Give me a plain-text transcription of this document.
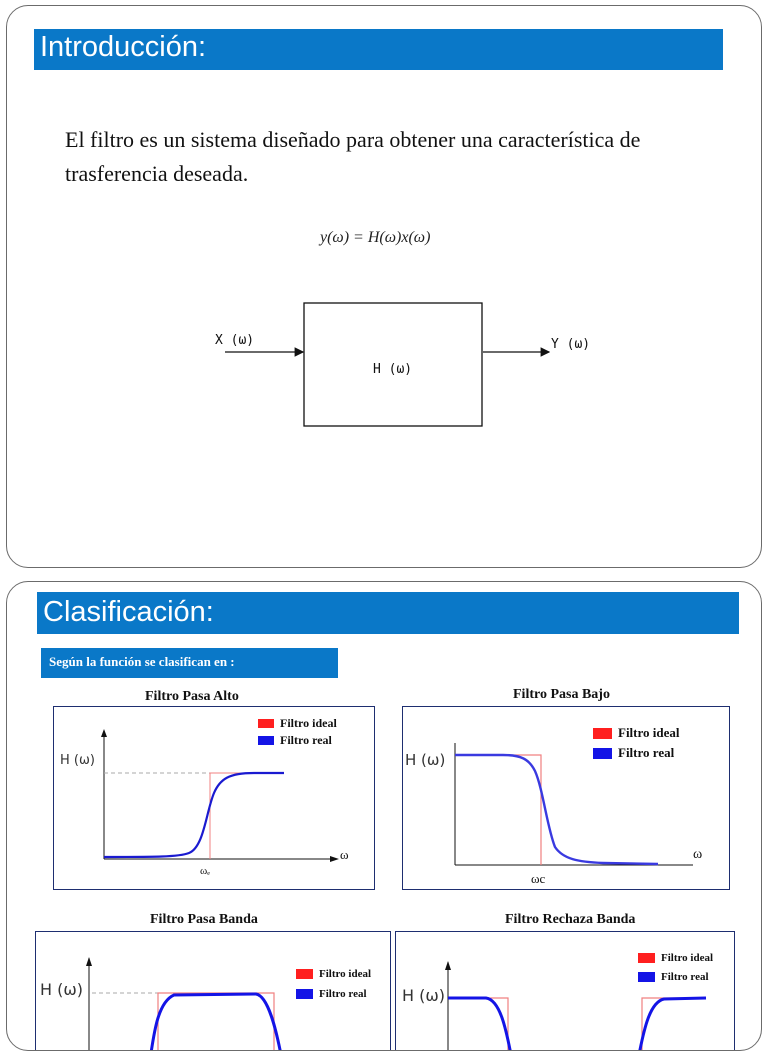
Introducción:
El filtro es un sistema diseñado para obtener una característica de trasferencia deseada.
y(ω) = H(ω)x(ω)
X (ω)
H (ω)
Y (ω)
Clasificación:
Según la función se clasifican en :
Filtro Pasa Alto
Filtro ideal
Filtro real
H (ω)
ω
ωₑ
Filtro Pasa Bajo
Filtro ideal
Filtro real
H (ω)
ω
ωc
Filtro Pasa Banda
Filtro ideal
Filtro real
H (ω)
Filtro Rechaza Banda
Filtro ideal
Filtro real
H (ω)
